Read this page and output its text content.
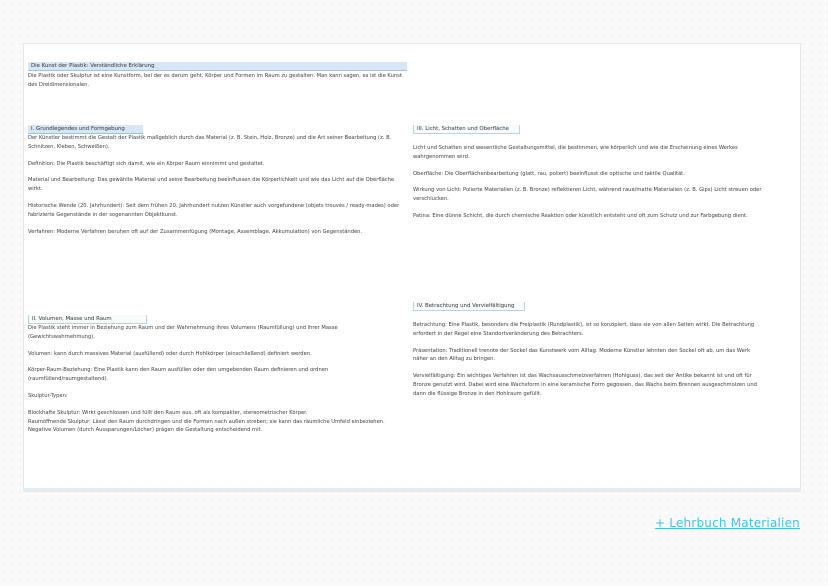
Die Kunst der Plastik: Verständliche Erklärung

Die Plastik oder Skulptur ist eine Kunstform, bei der es darum geht, Körper und Formen im Raum zu gestalten. Man kann sagen, es ist die Kunst des Dreidimensionalen.

I. Grundlegendes und Formgebung

Der Künstler bestimmt die Gestalt der Plastik maßgeblich durch das Material (z. B. Stein, Holz, Bronze) und die Art seiner Bearbeitung (z. B. Schnitzen, Kleben, Schweißen).

Definition: Die Plastik beschäftigt sich damit, wie ein Körper Raum einnimmt und gestaltet.

Material und Bearbeitung: Das gewählte Material und seine Bearbeitung beeinflussen die Körperlichkeit und wie das Licht auf die Oberfläche wirkt.

Historische Wende (20. Jahrhundert): Seit dem frühen 20. Jahrhundert nutzen Künstler auch vorgefundene (objets trouvés / ready-mades) oder fabrizierte Gegenstände in der sogenannten Objektkunst.

Verfahren: Moderne Verfahren beruhen oft auf der Zusammenfügung (Montage, Assemblage, Akkumulation) von Gegenständen.

II. Volumen, Masse und Raum

Die Plastik steht immer in Beziehung zum Raum und der Wahrnehmung ihres Volumens (Raumfüllung) und ihrer Masse (Gewichtswahrnehmung).

Volumen: kann durch massives Material (ausfüllend) oder durch Hohlkörper (einschließend) definiert werden.

Körper-Raum-Beziehung: Eine Plastik kann den Raum ausfüllen oder den umgebenden Raum definieren und ordnen (raumfüllend/raumgestaltend).

Skulptur-Typen:

Blockhafte Skulptur: Wirkt geschlossen und füllt den Raum aus, oft als kompakter, stereometrischer Körper.

Raumöffnende Skulptur: Lässt den Raum durchdringen und die Formen nach außen streben; sie kann das räumliche Umfeld einbeziehen. Negative Volumen (durch Aussparungen/Löcher) prägen die Gestaltung entscheidend mit.

III. Licht, Schatten und Oberfläche

Licht und Schatten sind wesentliche Gestaltungsmittel, die bestimmen, wie körperlich und wie die Erscheinung eines Werkes wahrgenommen wird.

Oberfläche: Die Oberflächenbearbeitung (glatt, rau, poliert) beeinflusst die optische und taktile Qualität.

Wirkung von Licht: Polierte Materialien (z. B. Bronze) reflektieren Licht, während raue/matte Materialien (z. B. Gips) Licht streuen oder verschlucken.

Patina: Eine dünne Schicht, die durch chemische Reaktion oder künstlich entsteht und oft zum Schutz und zur Farbgebung dient.

IV. Betrachtung und Vervielfältigung

Betrachtung: Eine Plastik, besonders die Freiplastik (Rundplastik), ist so konzipiert, dass sie von allen Seiten wirkt. Die Betrachtung erfordert in der Regel eine Standortveränderung des Betrachters.

Präsentation: Traditionell trennte der Sockel das Kunstwerk vom Alltag. Moderne Künstler lehnten den Sockel oft ab, um das Werk näher an den Alltag zu bringen.

Vervielfältigung: Ein wichtiges Verfahren ist das Wachsausschmelzverfahren (Hohlguss), das seit der Antike bekannt ist und oft für Bronze genutzt wird. Dabei wird eine Wachsform in eine keramische Form gegossen, das Wachs beim Brennen ausgeschmolzen und dann die flüssige Bronze in den Hohlraum gefüllt.

+ Lehrbuch Materialien
